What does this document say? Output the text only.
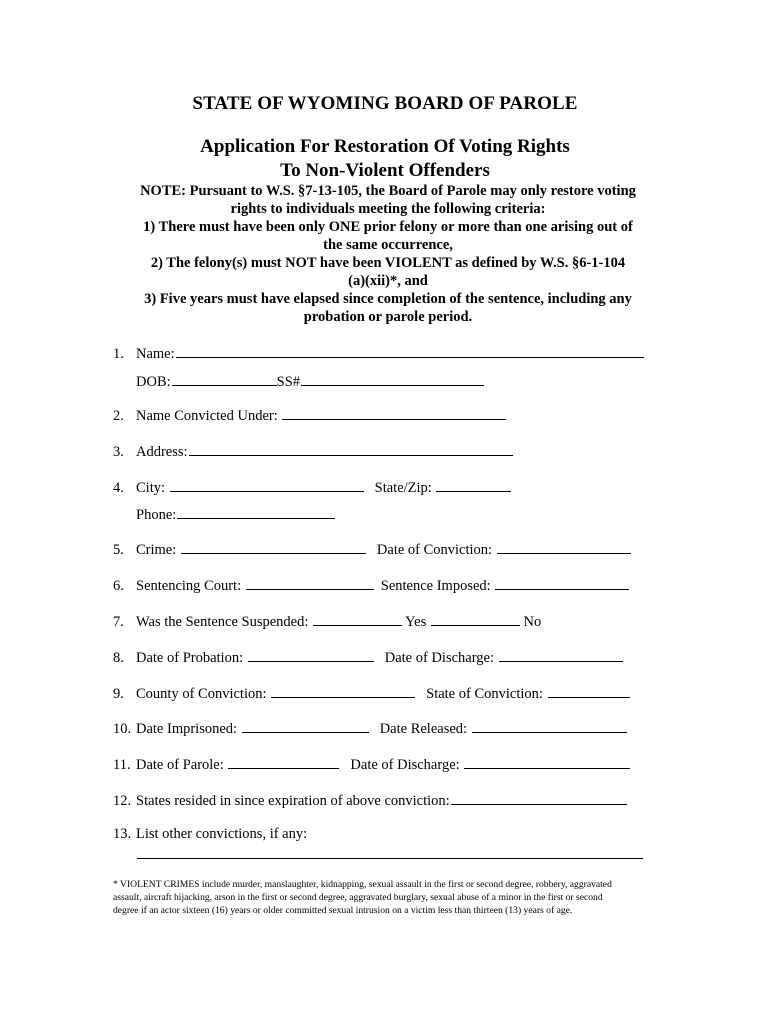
STATE OF WYOMING BOARD OF PAROLE
Application For Restoration Of Voting Rights
To Non-Violent Offenders

NOTE: Pursuant to W.S. §7-13-105, the Board of Parole may only restore voting

rights to individuals meeting the following criteria:

1) There must have been only ONE prior felony or more than one arising out of

the same occurrence,

2) The felony(s) must NOT have been VIOLENT as defined by W.S. §6-1-104

(a)(xii)*, and

3) Five years must have elapsed since completion of the sentence, including any

probation or parole period.

1. Name:
DOB:	SS#
2. Name Convicted Under:
3. Address:
4. City:	State/Zip:
Phone:
5. Crime:	Date of Conviction:
6. Sentencing Court:	Sentence Imposed:
7. Was the Sentence Suspended:	Yes	No
8. Date of Probation:	Date of Discharge:
9. County of Conviction:	State of Conviction:
10. Date Imprisoned:	Date Released:
11. Date of Parole:	Date of Discharge:
12. States resided in since expiration of above conviction:
13. List other convictions, if any:
* VIOLENT CRIMES include murder, manslaughter, kidnapping, sexual assault in the first or second degree, robbery, aggravated
assault, aircraft hijacking, arson in the first or second degree, aggravated burglary, sexual abuse of a minor in the first or second
degree if an actor sixteen (16) years or older committed sexual intrusion on a victim less than thirteen (13) years of age.
